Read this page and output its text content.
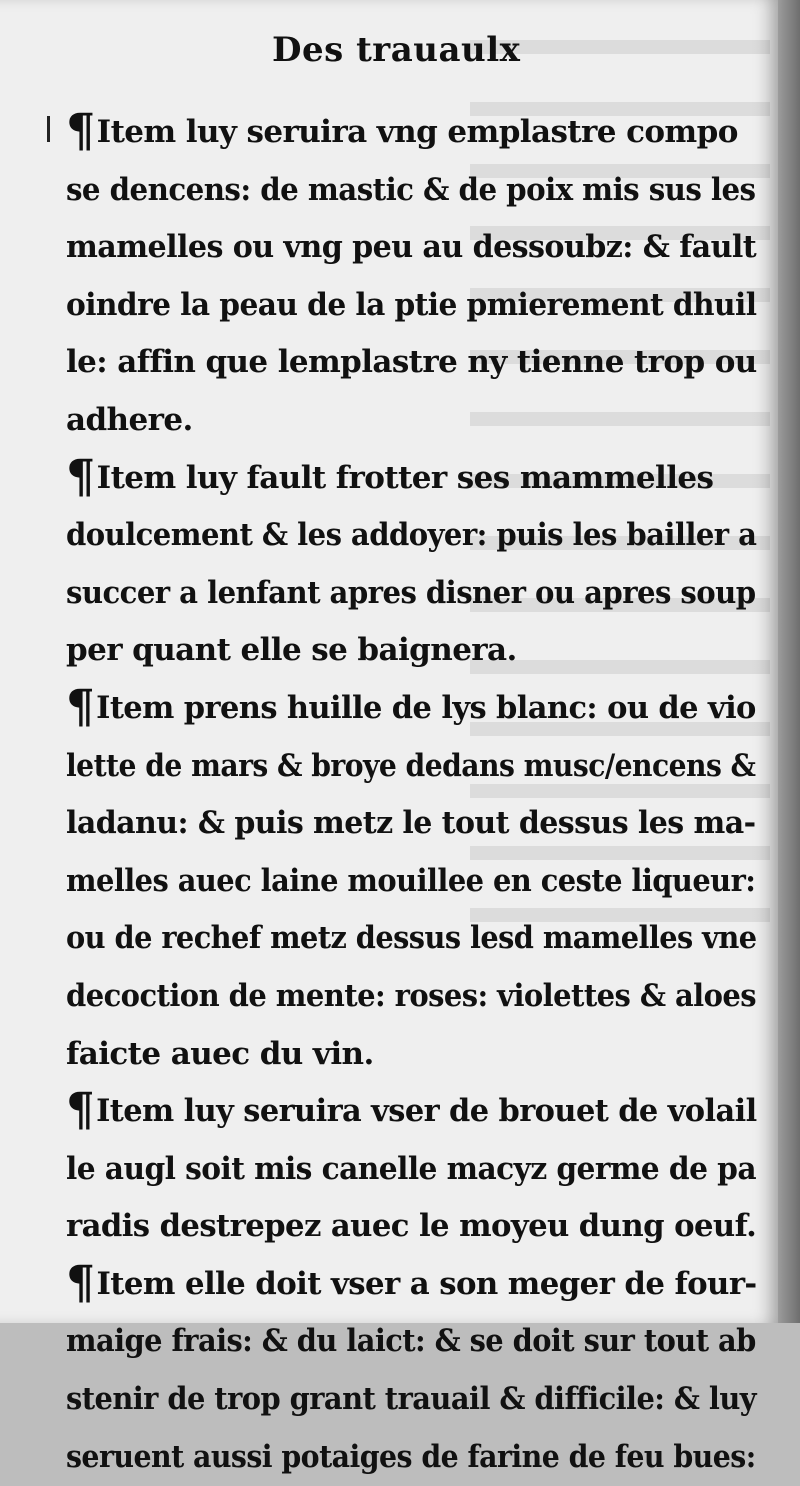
Des trauaulx
¶Item luy seruira vng emplastre compo
se dencens: de mastic & de poix mis sus les
mamelles ou vng peu au dessoubz: & fault
oindre la peau de la ptie pmierement dhuil
le: affin que lemplastre ny tienne trop ou
adhere.
¶Item luy fault frotter ses mammelles
doulcement & les addoyer: puis les bailler a
succer a lenfant apres disner ou apres soup
per quant elle se baignera.
¶Item prens huille de lys blanc: ou de vio
lette de mars & broye dedans musc/encens &
ladanu: & puis metz le tout dessus les ma-
melles auec laine mouillee en ceste liqueur:
ou de rechef metz dessus lesd mamelles vne
decoction de mente: roses: violettes & aloes
faicte auec du vin.
¶Item luy seruira vser de brouet de volail
le augl soit mis canelle macyz germe de pa
radis destrepez auec le moyeu dung oeuf.
¶Item elle doit vser a son meger de four-
maige frais: & du laict: & se doit sur tout ab
stenir de trop grant trauail & difficile: & luy
seruent aussi potaiges de farine de feu bues:
